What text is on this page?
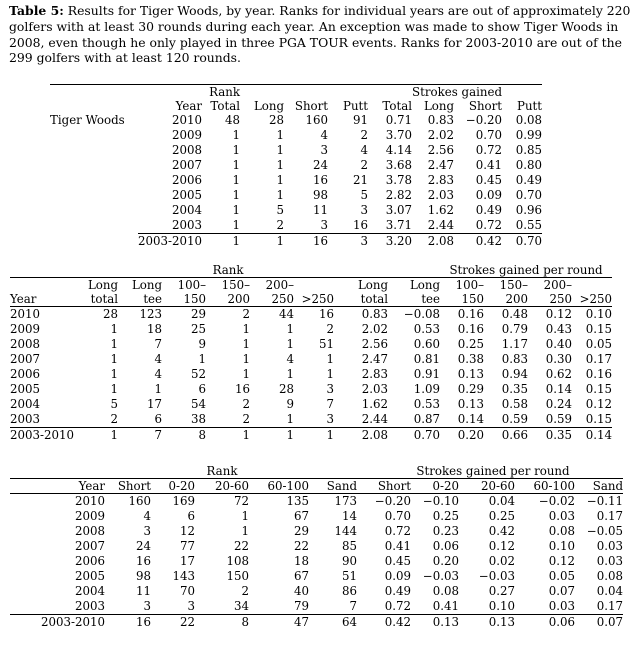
Table 5: Results for Tiger Woods, by year. Ranks for individual years are out of approximately 220 golfers with at least 30 rounds during each year. An exception was made to show Tiger Woods in 2008, even though he only played in three PGA TOUR events. Ranks for 2003-2010 are out of the 299 golfers with at least 120 rounds.
		Rank				Strokes gained			
	Year	Total	Long	Short	Putt	Total	Long	Short	Putt
Tiger Woods	2010	48	28	160	91	0.71	0.83	−0.20	0.08
	2009	1	1	4	2	3.70	2.02	0.70	0.99
	2008	1	1	3	4	4.14	2.56	0.72	0.85
	2007	1	1	24	2	3.68	2.47	0.41	0.80
	2006	1	1	16	21	3.78	2.83	0.45	0.49
	2005	1	1	98	5	2.82	2.03	0.09	0.70
	2004	1	5	11	3	3.07	1.62	0.49	0.96
	2003	1	2	3	16	3.71	2.44	0.72	0.55
	2003-2010	1	1	16	3	3.20	2.08	0.42	0.70
				Rank					Strokes gained per round			
	Long	Long	100–	150–	200–		Long	Long	100–	150–	200–	
Year	total	tee	150	200	250	>250	total	tee	150	200	250	>250
2010	28	123	29	2	44	16	0.83	−0.08	0.16	0.48	0.12	0.10
2009	1	18	25	1	1	2	2.02	0.53	0.16	0.79	0.43	0.15
2008	1	7	9	1	1	51	2.56	0.60	0.25	1.17	0.40	0.05
2007	1	4	1	1	4	1	2.47	0.81	0.38	0.83	0.30	0.17
2006	1	4	52	1	1	1	2.83	0.91	0.13	0.94	0.62	0.16
2005	1	1	6	16	28	3	2.03	1.09	0.29	0.35	0.14	0.15
2004	5	17	54	2	9	7	1.62	0.53	0.13	0.58	0.24	0.12
2003	2	6	38	2	1	3	2.44	0.87	0.14	0.59	0.59	0.15
2003-2010	1	7	8	1	1	1	2.08	0.70	0.20	0.66	0.35	0.14
			Rank				Strokes gained per round			
Year	Short	0-20	20-60	60-100	Sand	Short	0-20	20-60	60-100	Sand
2010	160	169	72	135	173	−0.20	−0.10	0.04	−0.02	−0.11
2009	4	6	1	67	14	0.70	0.25	0.25	0.03	0.17
2008	3	12	1	29	144	0.72	0.23	0.42	0.08	−0.05
2007	24	77	22	22	85	0.41	0.06	0.12	0.10	0.03
2006	16	17	108	18	90	0.45	0.20	0.02	0.12	0.03
2005	98	143	150	67	51	0.09	−0.03	−0.03	0.05	0.08
2004	11	70	2	40	86	0.49	0.08	0.27	0.07	0.04
2003	3	3	34	79	7	0.72	0.41	0.10	0.03	0.17
2003-2010	16	22	8	47	64	0.42	0.13	0.13	0.06	0.07
